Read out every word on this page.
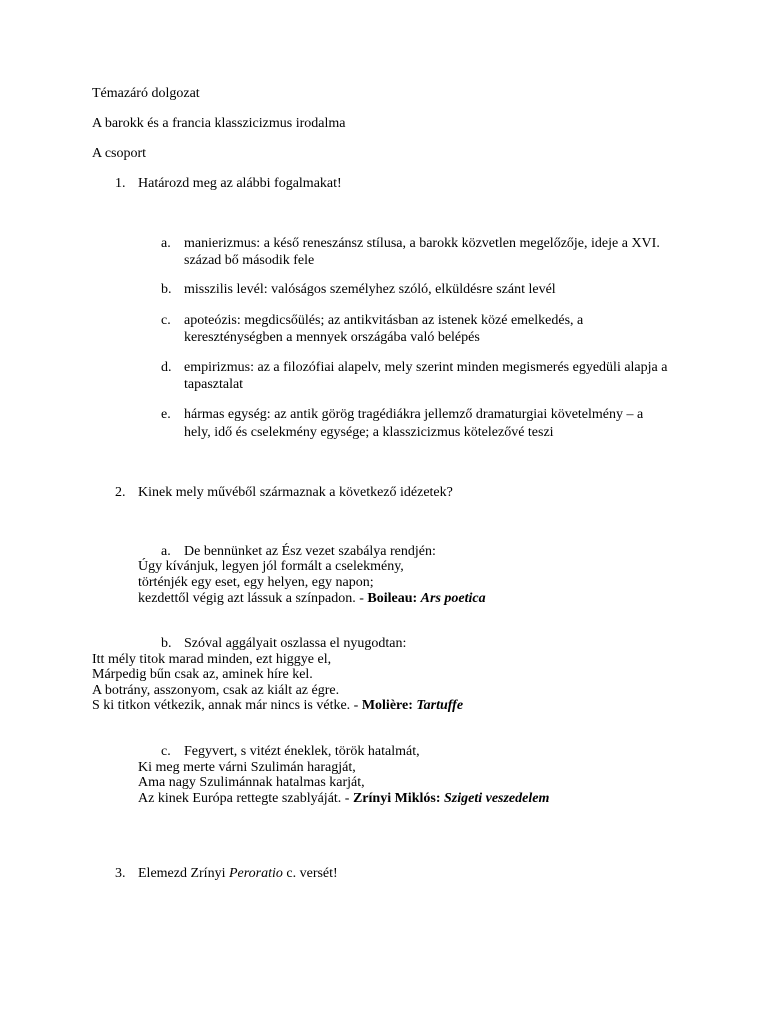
Témazáró dolgozat
A barokk és a francia klasszicizmus irodalma
A csoport
1. Határozd meg az alábbi fogalmakat!
a. manierizmus: a késő reneszánsz stílusa, a barokk közvetlen megelőzője, ideje a XVI.
század bő második fele
b. misszilis levél: valóságos személyhez szóló, elküldésre szánt levél
c. apoteózis: megdicsőülés; az antikvitásban az istenek közé emelkedés, a
kereszténységben a mennyek országába való belépés
d. empirizmus: az a filozófiai alapelv, mely szerint minden megismerés egyedüli alapja a
tapasztalat
e. hármas egység: az antik görög tragédiákra jellemző dramaturgiai követelmény – a
hely, idő és cselekmény egysége; a klasszicizmus kötelezővé teszi
2. Kinek mely művéből származnak a következő idézetek?
a. De bennünket az Ész vezet szabálya rendjén:
Úgy kívánjuk, legyen jól formált a cselekmény,
történjék egy eset, egy helyen, egy napon;
kezdettől végig azt lássuk a színpadon. - Boileau: Ars poetica
b. Szóval aggályait oszlassa el nyugodtan:
Itt mély titok marad minden, ezt higgye el,
Márpedig bűn csak az, aminek híre kel.
A botrány, asszonyom, csak az kiált az égre.
S ki titkon vétkezik, annak már nincs is vétke. - Molière: Tartuffe
c. Fegyvert, s vitézt éneklek, török hatalmát,
Ki meg merte várni Szulimán haragját,
Ama nagy Szulimánnak hatalmas karját,
Az kinek Európa rettegte szablyáját. - Zrínyi Miklós: Szigeti veszedelem
3. Elemezd Zrínyi Peroratio c. versét!
